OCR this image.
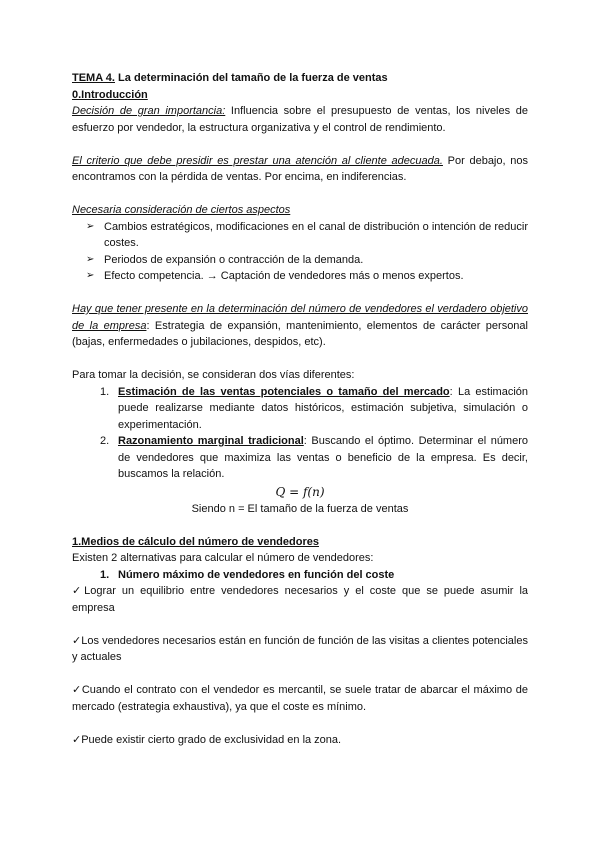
TEMA 4. La determinación del tamaño de la fuerza de ventas
0.Introducción
Decisión de gran importancia: Influencia sobre el presupuesto de ventas, los niveles de esfuerzo por vendedor, la estructura organizativa y el control de rendimiento.
El criterio que debe presidir es prestar una atención al cliente adecuada. Por debajo, nos encontramos con la pérdida de ventas. Por encima, en indiferencias.
Necesaria consideración de ciertos aspectos
➢ Cambios estratégicos, modificaciones en el canal de distribución o intención de reducir costes.
➢ Periodos de expansión o contracción de la demanda.
➢ Efecto competencia. → Captación de vendedores más o menos expertos.
Hay que tener presente en la determinación del número de vendedores el verdadero objetivo de la empresa: Estrategia de expansión, mantenimiento, elementos de carácter personal (bajas, enfermedades o jubilaciones, despidos, etc).
Para tomar la decisión, se consideran dos vías diferentes:
1. Estimación de las ventas potenciales o tamaño del mercado: La estimación puede realizarse mediante datos históricos, estimación subjetiva, simulación o experimentación.
2. Razonamiento marginal tradicional: Buscando el óptimo. Determinar el número de vendedores que maximiza las ventas o beneficio de la empresa. Es decir, buscamos la relación.
Q = f(n)
Siendo n = El tamaño de la fuerza de ventas
1.Medios de cálculo del número de vendedores
Existen 2 alternativas para calcular el número de vendedores:
1. Número máximo de vendedores en función del coste
✓Lograr un equilibrio entre vendedores necesarios y el coste que se puede asumir la empresa
✓Los vendedores necesarios están en función de función de las visitas a clientes potenciales y actuales
✓Cuando el contrato con el vendedor es mercantil, se suele tratar de abarcar el máximo de mercado (estrategia exhaustiva), ya que el coste es mínimo.
✓Puede existir cierto grado de exclusividad en la zona.
